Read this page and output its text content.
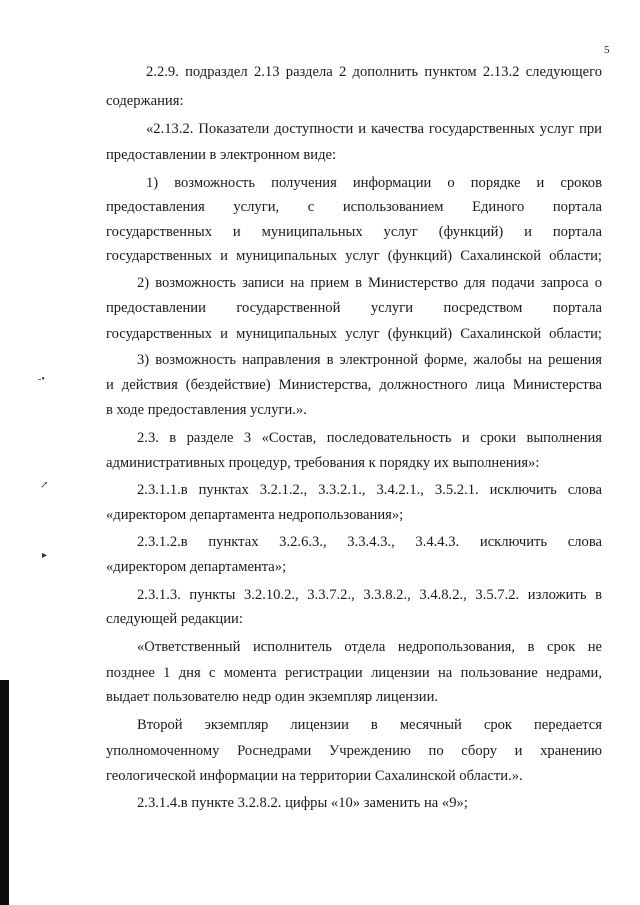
5
2.2.9. подраздел 2.13 раздела 2 дополнить пунктом 2.13.2 следующего
содержания:
«2.13.2. Показатели доступности и качества государственных услуг при
предоставлении в электронном виде:
1) возможность получения информации о порядке и сроков
предоставления услуги, с использованием Единого портала
государственных и муниципальных услуг (функций) и портала
государственных и муниципальных услуг (функций) Сахалинской области;
2) возможность записи на прием в Министерство для подачи запроса о
предоставлении государственной услуги посредством портала
государственных и муниципальных услуг (функций) Сахалинской области;
3) возможность направления в электронной форме, жалобы на решения
и действия (бездействие) Министерства, должностного лица Министерства
в ходе предоставления услуги.».
2.3. в разделе 3 «Состав, последовательность и сроки выполнения
административных процедур, требования к порядку их выполнения»:
2.3.1.1.в пунктах 3.2.1.2., 3.3.2.1., 3.4.2.1., 3.5.2.1. исключить слова
«директором департамента недропользования»;
2.3.1.2.в пунктах 3.2.6.3., 3.3.4.3., 3.4.4.3. исключить слова
«директором департамента»;
2.3.1.3. пункты 3.2.10.2., 3.3.7.2., 3.3.8.2., 3.4.8.2., 3.5.7.2. изложить в
следующей редакции:
«Ответственный исполнитель отдела недропользования, в срок не
позднее 1 дня с момента регистрации лицензии на пользование недрами,
выдает пользователю недр один экземпляр лицензии.
Второй экземпляр лицензии в месячный срок передается
уполномоченному Роснедрами Учреждению по сбору и хранению
геологической информации на территории Сахалинской области.».
2.3.1.4.в пункте 3.2.8.2. цифры «10» заменить на «9»;
-•
↗
▸
